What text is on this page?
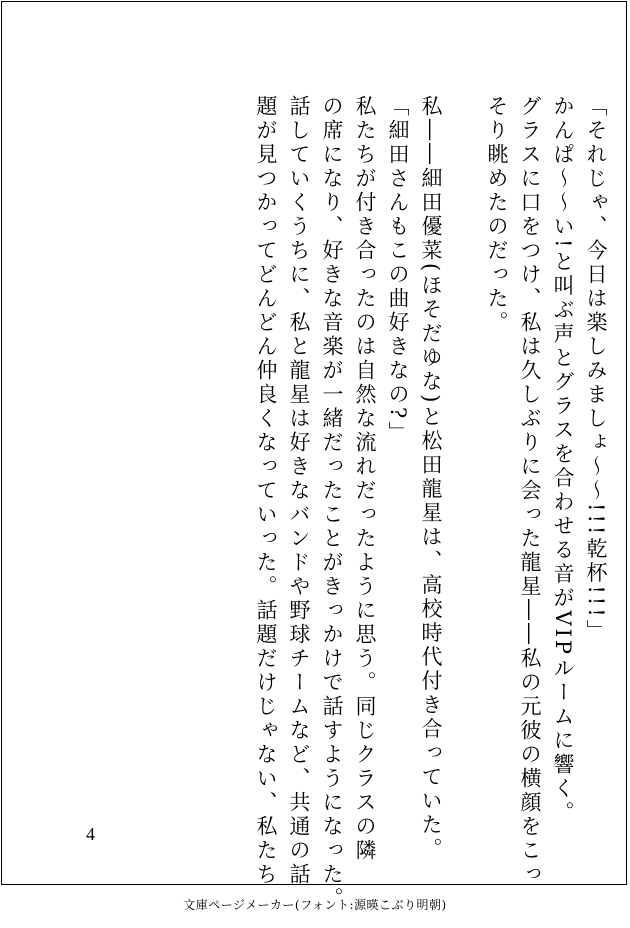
「それじゃ、今日は楽しみましょ〜〜!!!乾杯!!!」
かんぱ〜〜い!と叫ぶ声とグラスを合わせる音がVIPルームに響く。
グラスに口をつけ、私は久しぶりに会った龍星――私の元彼の横顔をこっ
そり眺めたのだった。

私――細田優菜(ほそだゆな)と松田龍星は、高校時代付き合っていた。
「細田さんもこの曲好きなの?」
私たちが付き合ったのは自然な流れだったように思う。同じクラスの隣
の席になり、好きな音楽が一緒だったことがきっかけで話すようになった。
話していくうちに、私と龍星は好きなバンドや野球チームなど、共通の話
題が見つかってどんどん仲良くなっていった。話題だけじゃない、私たち
4
文庫ページメーカー(フォント:源暎こぶり明朝)
